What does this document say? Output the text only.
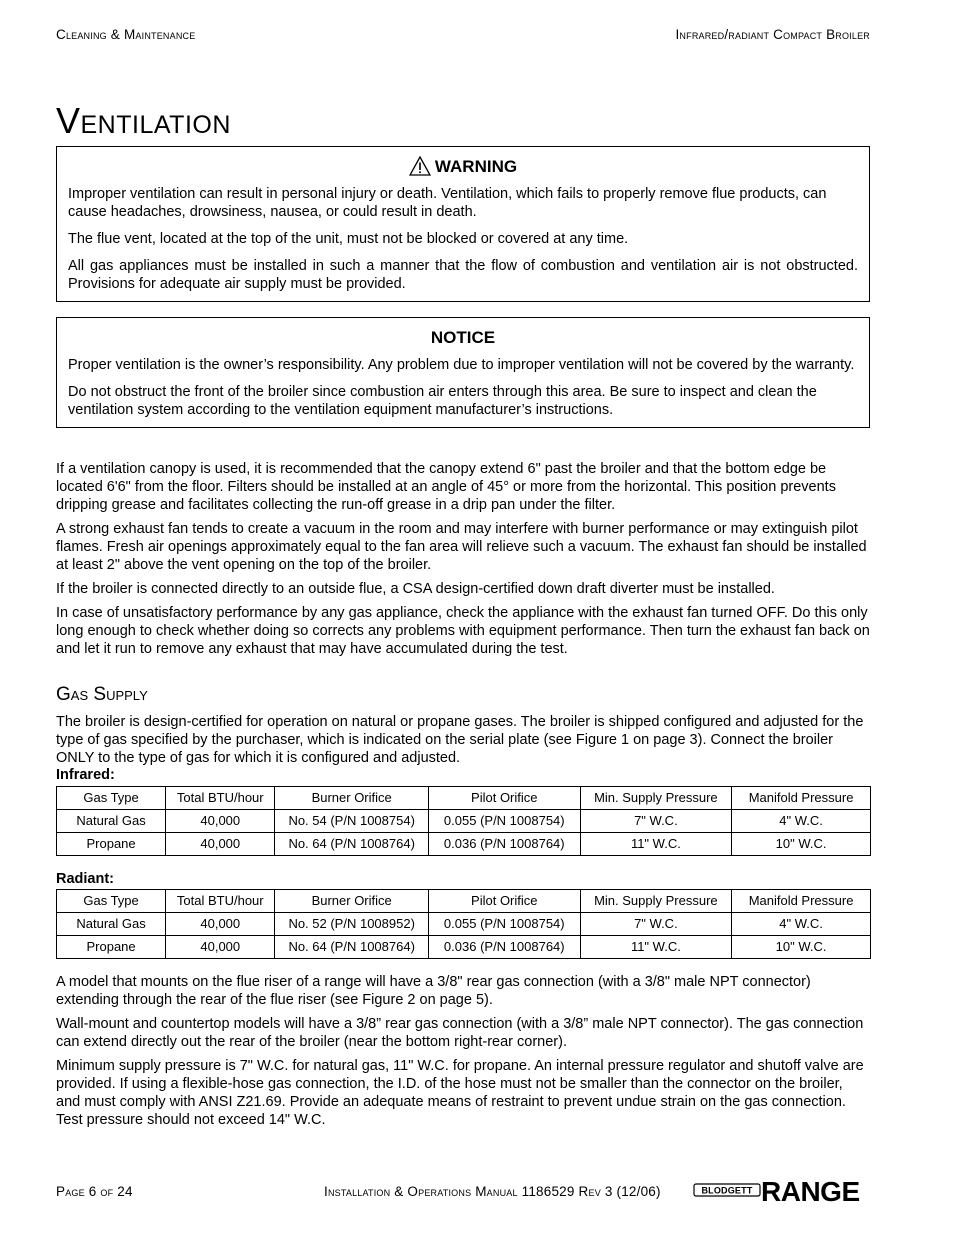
Cleaning & Maintenance	Infrared/radiant Compact Broiler
Ventilation
WARNING

Improper ventilation can result in personal injury or death. Ventilation, which fails to properly remove flue products, can cause headaches, drowsiness, nausea, or could result in death.

The flue vent, located at the top of the unit, must not be blocked or covered at any time.

All gas appliances must be installed in such a manner that the flow of combustion and ventilation air is not obstructed. Provisions for adequate air supply must be provided.

NOTICE

Proper ventilation is the owner’s responsibility. Any problem due to improper ventilation will not be covered by the warranty.

Do not obstruct the front of the broiler since combustion air enters through this area. Be sure to inspect and clean the ventilation system according to the ventilation equipment manufacturer’s instructions.

If a ventilation canopy is used, it is recommended that the canopy extend 6" past the broiler and that the bottom edge be located 6'6" from the floor. Filters should be installed at an angle of 45° or more from the horizontal. This position prevents dripping grease and facilitates collecting the run-off grease in a drip pan under the filter.

A strong exhaust fan tends to create a vacuum in the room and may interfere with burner performance or may extinguish pilot flames. Fresh air openings approximately equal to the fan area will relieve such a vacuum. The exhaust fan should be installed at least 2" above the vent opening on the top of the broiler.

If the broiler is connected directly to an outside flue, a CSA design-certified down draft diverter must be installed.

In case of unsatisfactory performance by any gas appliance, check the appliance with the exhaust fan turned OFF. Do this only long enough to check whether doing so corrects any problems with equipment performance. Then turn the exhaust fan back on and let it run to remove any exhaust that may have accumulated during the test.

Gas Supply

The broiler is design-certified for operation on natural or propane gases. The broiler is shipped configured and adjusted for the type of gas specified by the purchaser, which is indicated on the serial plate (see Figure 1 on page 3). Connect the broiler ONLY to the type of gas for which it is configured and adjusted.

Infrared:

Gas Type	Total BTU/hour	Burner Orifice	Pilot Orifice	Min. Supply Pressure	Manifold Pressure
Natural Gas	40,000	No. 54 (P/N 1008754)	0.055 (P/N 1008754)	7" W.C.	4" W.C.
Propane	40,000	No. 64 (P/N 1008764)	0.036 (P/N 1008764)	11" W.C.	10" W.C.

Radiant:

Gas Type	Total BTU/hour	Burner Orifice	Pilot Orifice	Min. Supply Pressure	Manifold Pressure
Natural Gas	40,000	No. 52 (P/N 1008952)	0.055 (P/N 1008754)	7" W.C.	4" W.C.
Propane	40,000	No. 64 (P/N 1008764)	0.036 (P/N 1008764)	11" W.C.	10" W.C.

A model that mounts on the flue riser of a range will have a 3/8" rear gas connection (with a 3/8" male NPT connector) extending through the rear of the flue riser (see Figure 2 on page 5).

Wall-mount and countertop models will have a 3/8” rear gas connection (with a 3/8” male NPT connector). The gas connection can extend directly out the rear of the broiler (near the bottom right-rear corner).

Minimum supply pressure is 7" W.C. for natural gas, 11" W.C. for propane. An internal pressure regulator and shutoff valve are provided. If using a flexible-hose gas connection, the I.D. of the hose must not be smaller than the connector on the broiler, and must comply with ANSI Z21.69. Provide an adequate means of restraint to prevent undue strain on the gas connection. Test pressure should not exceed 14" W.C.

Page 6 of 24	Installation & Operations Manual 1186529 Rev 3 (12/06)	BLODGETT RANGE
